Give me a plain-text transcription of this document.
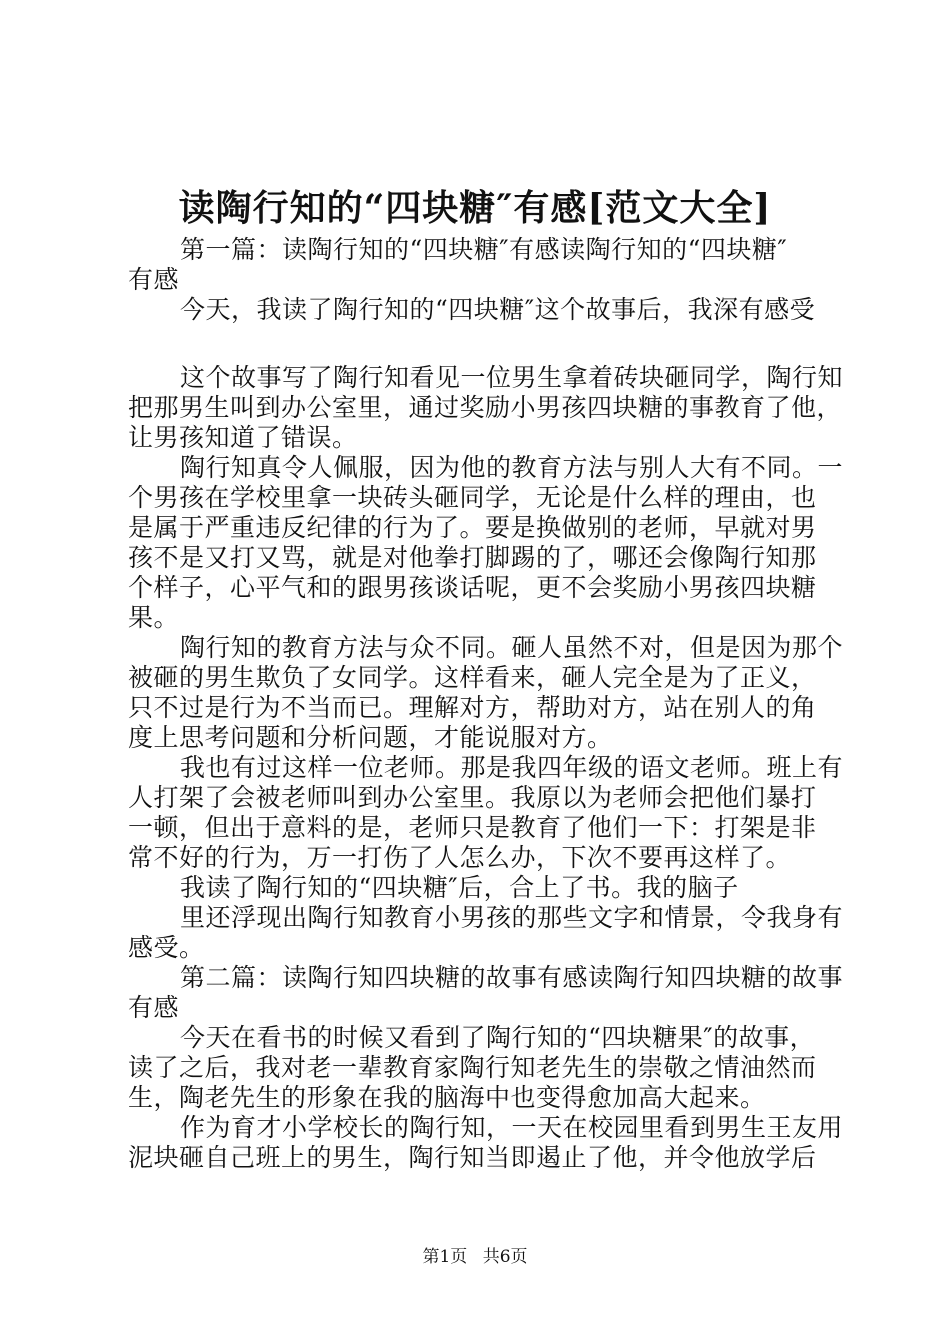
读陶行知的“四块糖″有感[范文大全]
第一篇：读陶行知的“四块糖″有感读陶行知的“四块糖″
有感
今天，我读了陶行知的“四块糖″这个故事后，我深有感受
这个故事写了陶行知看见一位男生拿着砖块砸同学，陶行知
把那男生叫到办公室里，通过奖励小男孩四块糖的事教育了他，
让男孩知道了错误。
陶行知真令人佩服，因为他的教育方法与别人大有不同。一
个男孩在学校里拿一块砖头砸同学，无论是什么样的理由，也
是属于严重违反纪律的行为了。要是换做别的老师，早就对男
孩不是又打又骂，就是对他拳打脚踢的了，哪还会像陶行知那
个样子，心平气和的跟男孩谈话呢，更不会奖励小男孩四块糖
果。
陶行知的教育方法与众不同。砸人虽然不对，但是因为那个
被砸的男生欺负了女同学。这样看来，砸人完全是为了正义，
只不过是行为不当而已。理解对方，帮助对方，站在别人的角
度上思考问题和分析问题，才能说服对方。
我也有过这样一位老师。那是我四年级的语文老师。班上有
人打架了会被老师叫到办公室里。我原以为老师会把他们暴打
一顿，但出于意料的是，老师只是教育了他们一下：打架是非
常不好的行为，万一打伤了人怎么办，下次不要再这样了。
我读了陶行知的“四块糖″后，合上了书。我的脑子
里还浮现出陶行知教育小男孩的那些文字和情景，令我身有
感受。
第二篇：读陶行知四块糖的故事有感读陶行知四块糖的故事
有感
今天在看书的时候又看到了陶行知的“四块糖果″的故事，
读了之后，我对老一辈教育家陶行知老先生的崇敬之情油然而
生，陶老先生的形象在我的脑海中也变得愈加高大起来。
作为育才小学校长的陶行知，一天在校园里看到男生王友用
泥块砸自己班上的男生，陶行知当即遏止了他，并令他放学后
第1页 共6页
